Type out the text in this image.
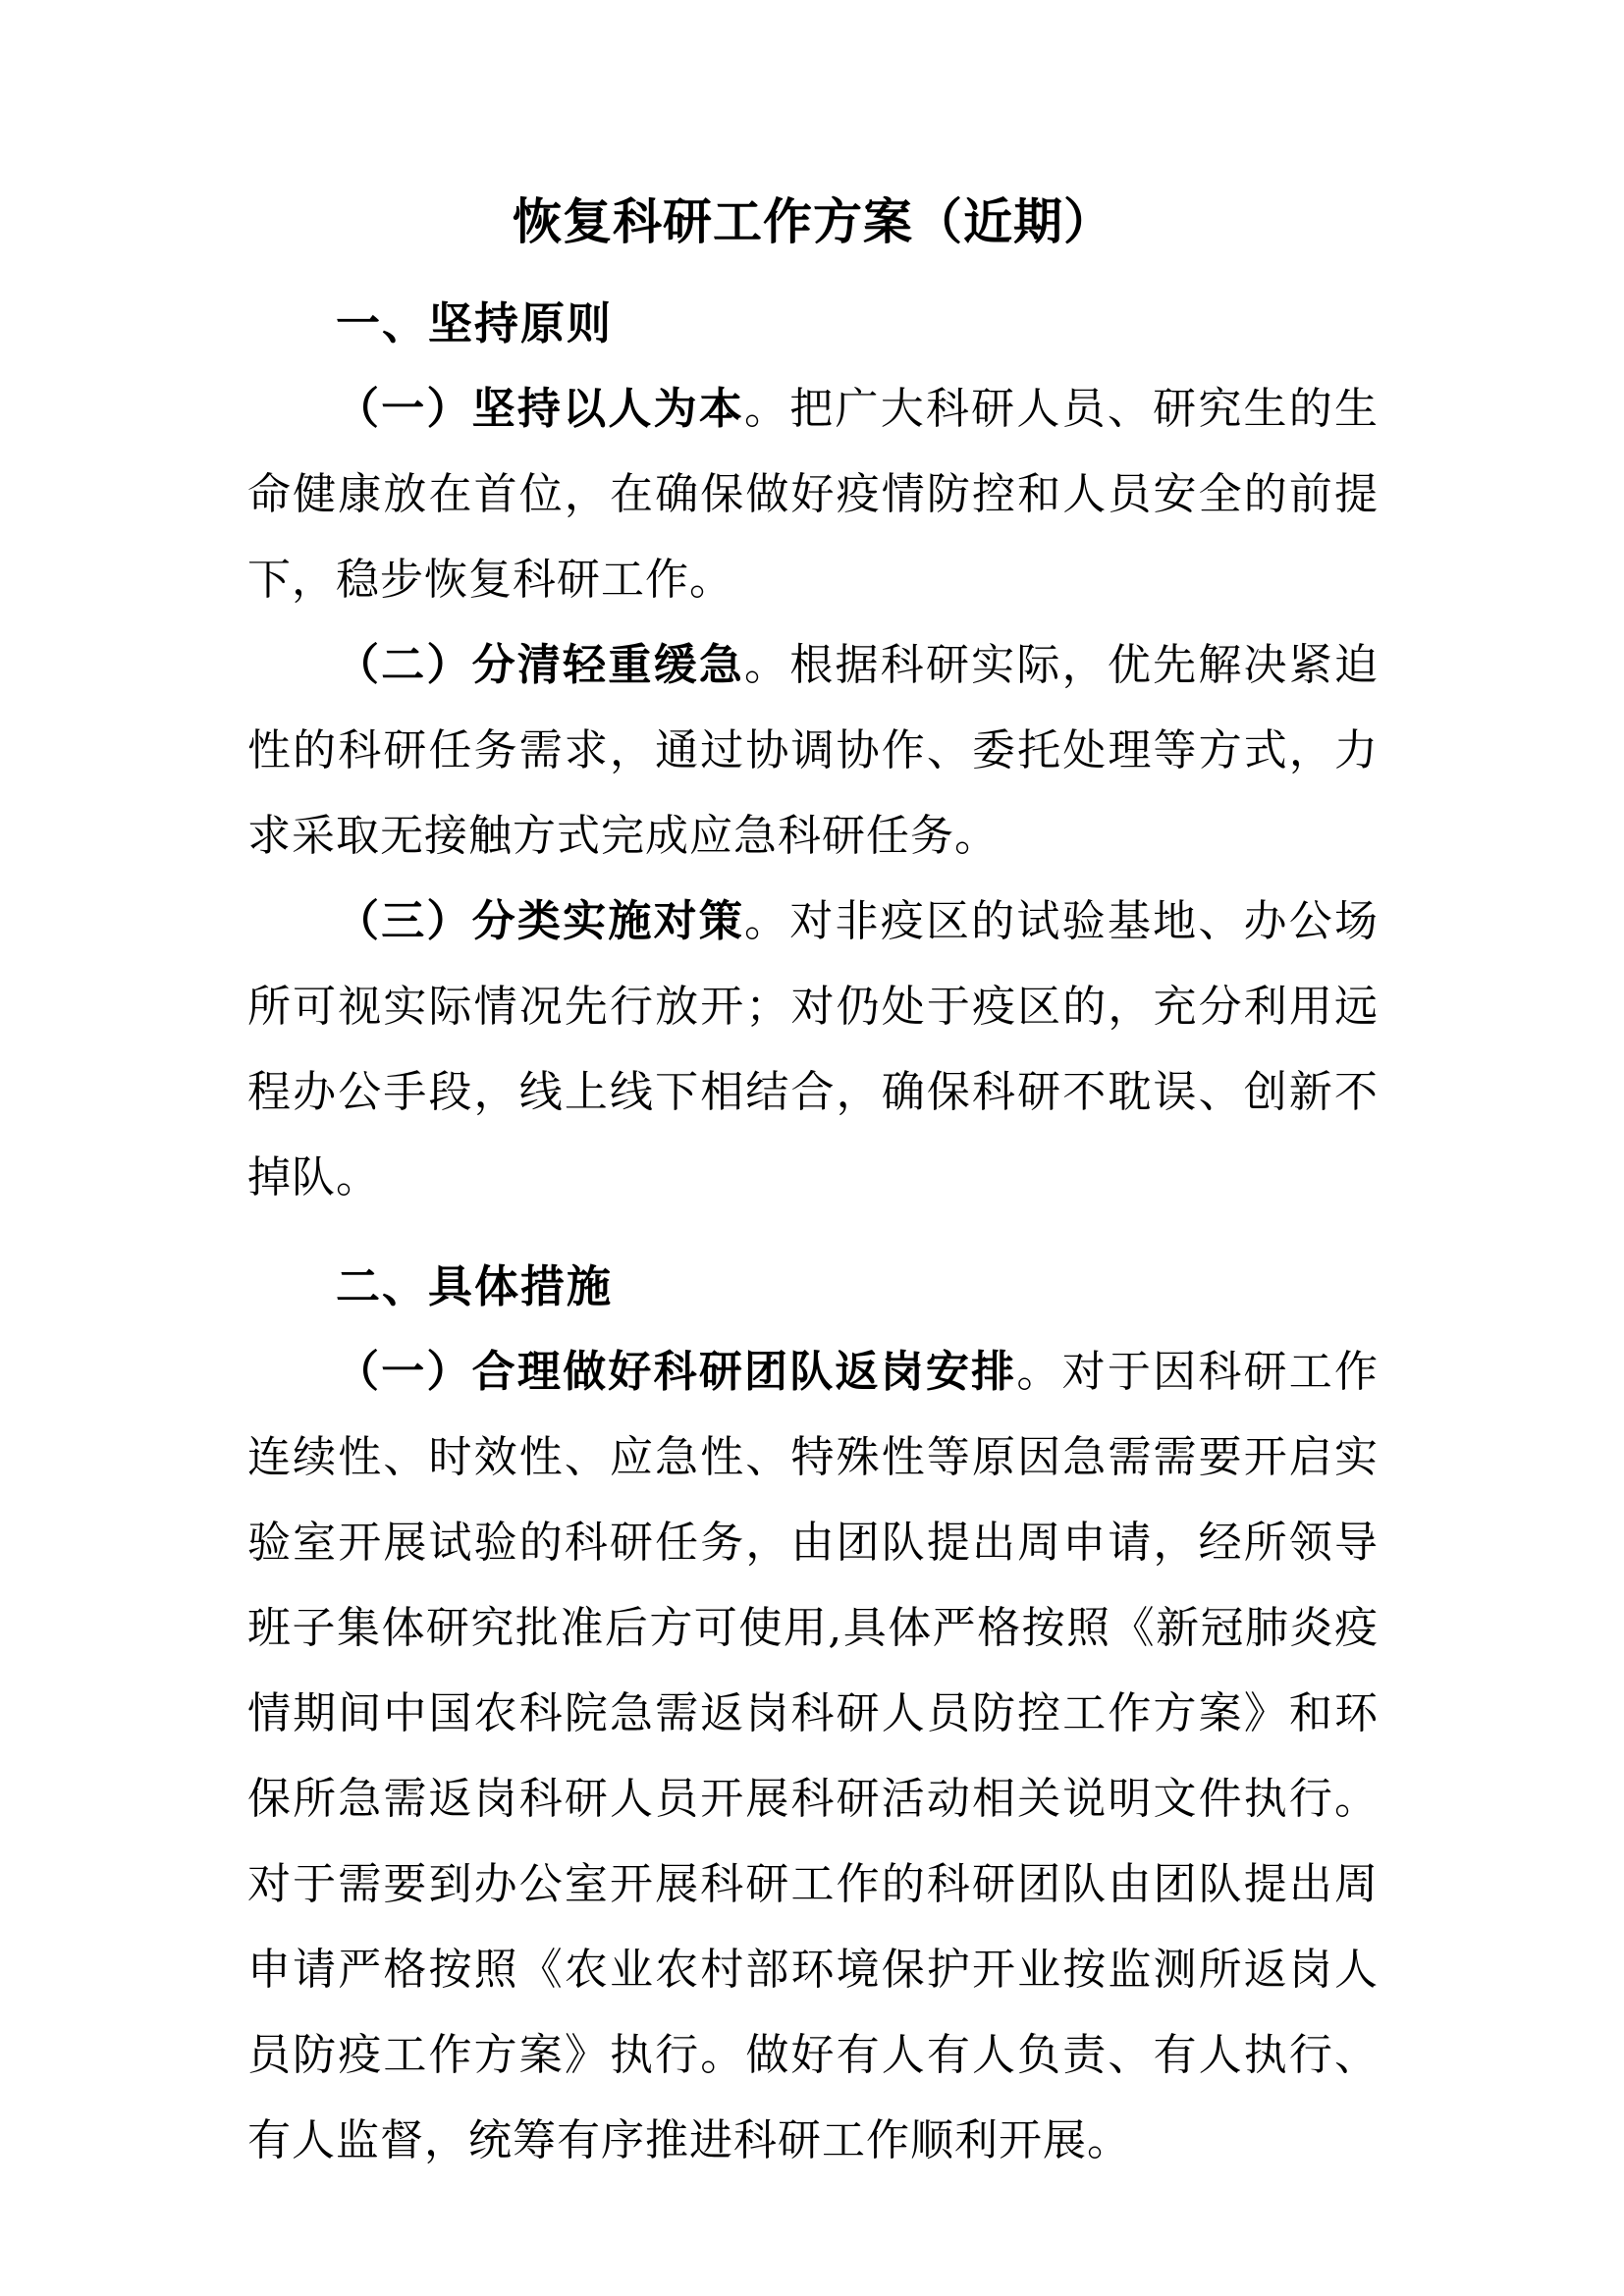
恢复科研工作方案（近期）
一、坚持原则

（一）坚持以人为本。把广大科研人员、研究生的生命健康放在首位，在确保做好疫情防控和人员安全的前提下，稳步恢复科研工作。

（二）分清轻重缓急。根据科研实际，优先解决紧迫性的科研任务需求，通过协调协作、委托处理等方式，力求采取无接触方式完成应急科研任务。

（三）分类实施对策。对非疫区的试验基地、办公场所可视实际情况先行放开；对仍处于疫区的，充分利用远程办公手段，线上线下相结合，确保科研不耽误、创新不掉队。

二、具体措施

（一）合理做好科研团队返岗安排。对于因科研工作连续性、时效性、应急性、特殊性等原因急需需要开启实验室开展试验的科研任务，由团队提出周申请，经所领导班子集体研究批准后方可使用,具体严格按照《新冠肺炎疫情期间中国农科院急需返岗科研人员防控工作方案》和环保所急需返岗科研人员开展科研活动相关说明文件执行。对于需要到办公室开展科研工作的科研团队由团队提出周申请严格按照《农业农村部环境保护开业按监测所返岗人员防疫工作方案》执行。做好有人有人负责、有人执行、有人监督，统筹有序推进科研工作顺利开展。
